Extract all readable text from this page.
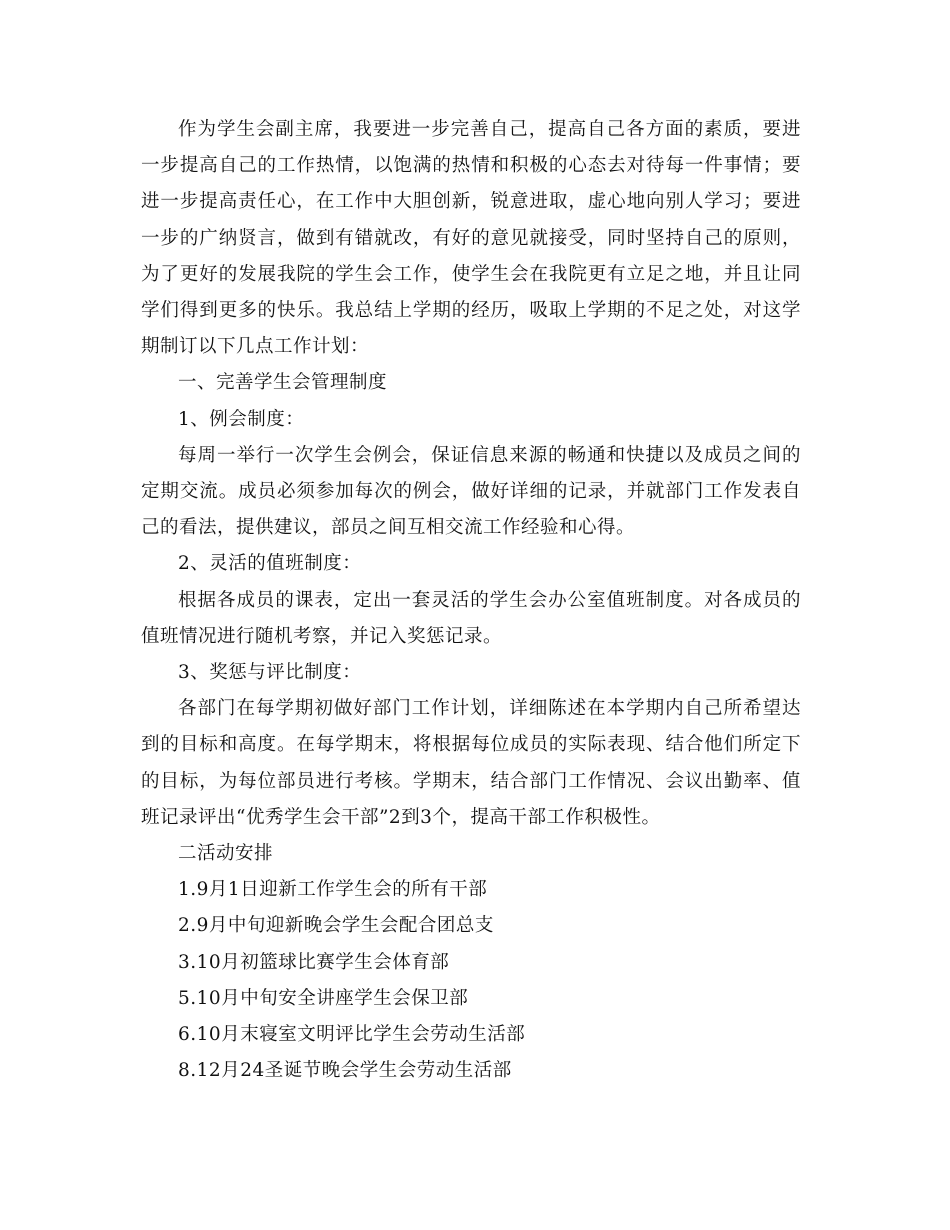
作为学生会副主席，我要进一步完善自己，提高自己各方面的素质，要进一步提高自己的工作热情，以饱满的热情和积极的心态去对待每一件事情；要进一步提高责任心，在工作中大胆创新，锐意进取，虚心地向别人学习；要进一步的广纳贤言，做到有错就改，有好的意见就接受，同时坚持自己的原则，为了更好的发展我院的学生会工作，使学生会在我院更有立足之地，并且让同学们得到更多的快乐。我总结上学期的经历，吸取上学期的不足之处，对这学期制订以下几点工作计划：

一、完善学生会管理制度

1、例会制度：

每周一举行一次学生会例会，保证信息来源的畅通和快捷以及成员之间的定期交流。成员必须参加每次的例会，做好详细的记录，并就部门工作发表自己的看法，提供建议，部员之间互相交流工作经验和心得。

2、灵活的值班制度：

根据各成员的课表，定出一套灵活的学生会办公室值班制度。对各成员的值班情况进行随机考察，并记入奖惩记录。

3、奖惩与评比制度：

各部门在每学期初做好部门工作计划，详细陈述在本学期内自己所希望达到的目标和高度。在每学期末，将根据每位成员的实际表现、结合他们所定下的目标，为每位部员进行考核。学期末，结合部门工作情况、会议出勤率、值班记录评出“优秀学生会干部”2到3个，提高干部工作积极性。

二活动安排

1.9月1日迎新工作学生会的所有干部

2.9月中旬迎新晚会学生会配合团总支

3.10月初篮球比赛学生会体育部

5.10月中旬安全讲座学生会保卫部

6.10月末寝室文明评比学生会劳动生活部

8.12月24圣诞节晚会学生会劳动生活部
